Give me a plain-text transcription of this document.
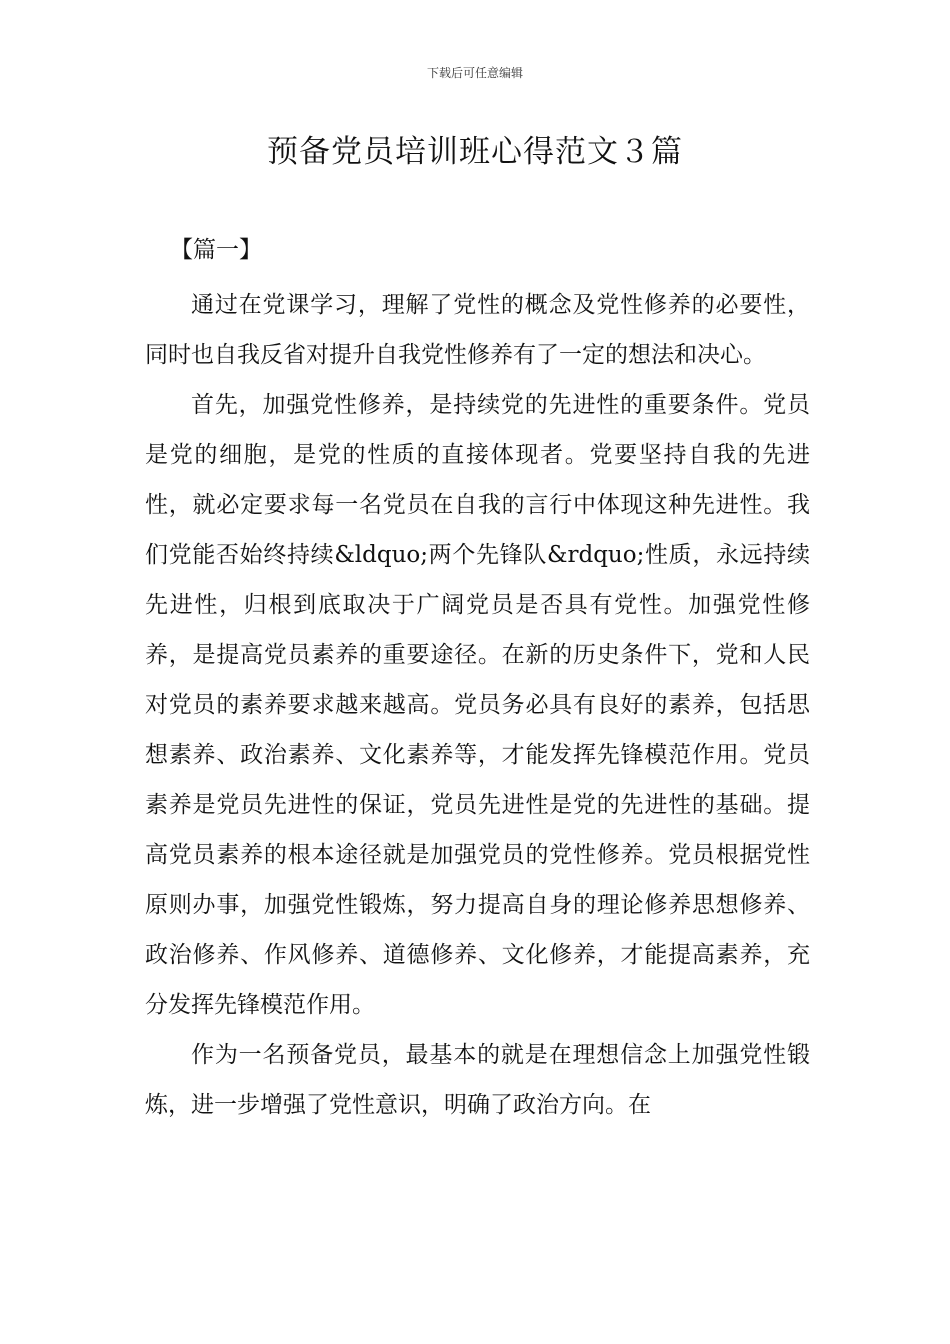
下载后可任意编辑
预备党员培训班心得范文３篇
【篇一】

通过在党课学习，理解了党性的概念及党性修养的必要性，同时也自我反省对提升自我党性修养有了一定的想法和决心。

首先，加强党性修养，是持续党的先进性的重要条件。党员是党的细胞，是党的性质的直接体现者。党要坚持自我的先进性，就必定要求每一名党员在自我的言行中体现这种先进性。我们党能否始终持续&ldquo;两个先锋队&rdquo;性质，永远持续先进性，归根到底取决于广阔党员是否具有党性。加强党性修养，是提高党员素养的重要途径。在新的历史条件下，党和人民对党员的素养要求越来越高。党员务必具有良好的素养，包括思想素养、政治素养、文化素养等，才能发挥先锋模范作用。党员素养是党员先进性的保证，党员先进性是党的先进性的基础。提高党员素养的根本途径就是加强党员的党性修养。党员根据党性原则办事，加强党性锻炼，努力提高自身的理论修养思想修养、政治修养、作风修养、道德修养、文化修养，才能提高素养，充分发挥先锋模范作用。

作为一名预备党员，最基本的就是在理想信念上加强党性锻炼，进一步增强了党性意识，明确了政治方向。在
